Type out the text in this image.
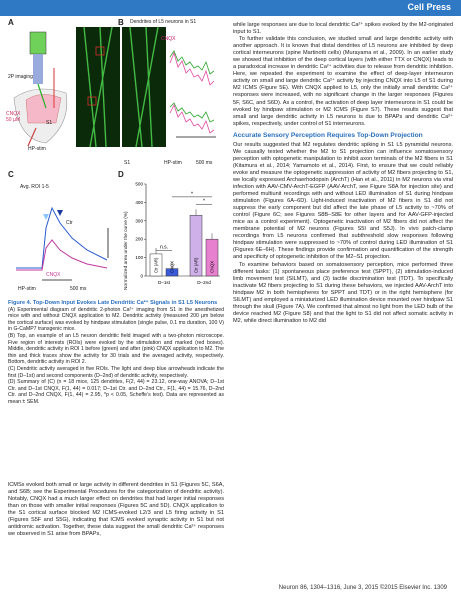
Cell Press
A
2P imaging
CNQX
50 µM	S1
HP-stim
B Dendrites of L5 neurons in S1
Ctr
CNQX
S1	HP-stim	500 ms
C
Avg. ROI 1-5
Ctr
CNQX
HP-stim	500 ms
D
Normalized area under the curve (%) 0
100
200
300
400
500
Ctr (AR)	CNQX	Ctr (AR)	CNQX
D–1st	D–2nd
n.s.
*
*

Figure 4. Top-Down Input Evokes Late Dendritic Ca²⁺ Signals in S1 L5 Neurons

(A) Experimental diagram of dendritic 2-photon Ca²⁺ imaging from S1 in the anesthetized mice with and without CNQX application to M2. Dendritic activity (measured 200 µm below the cortical surface) was evoked by hindpaw stimulation (single pulse, 0.1 ms duration, 100 V) in G-CaMP7 transgenic mice.

(B) Top, an example of an L5 neuron dendritic field imaged with a two-photon microscope. Five region of interests (ROIs) were evoked by the stimulation and marked (red boxes). Middle, dendritic activity in ROI 1 before (green) and after (pink) CNQX application to M2. The thin and thick traces show the activity for 30 trials and the averaged activity, respectively. Bottom, dendritic activity in ROI 2.

(C) Dendritic activity averaged in five ROIs. The light and deep blue arrowheads indicate the first (D–1st) and second components (D–2nd) of dendritic activity, respectively.

(D) Summary of (C) (n = 18 mice, 125 dendrites, F(2, 44) = 23.12, one-way ANOVA; D–1st Ctr. and D–1st CNQX, F(1, 44) = 0.017; D–1st Ctr. and D–2nd Ctr., F(1, 44) = 15.76, D–2nd Ctr. and D–2nd CNQX, F(1, 44) = 2.95, *p < 0.05, Scheffe’s test). Data are represented as mean ± SEM.

lCMSs evoked both small or large activity in different dendrites in S1 (Figures 5C, S6A, and S6B; see the Experimental Procedures for the categorization of dendritic activity). Notably, CNQX had a much larger effect on dendrites that had larger initial responses than on those with smaller initial responses (Figures 5C and 5D). CNQX application to the S1 cortical surface blocked M2 ICMS-evoked L2/3 and L5 firing activity in S1 (Figures S5F and S5G), indicating that ICMS evoked synaptic activity in S1 but not antidromic activation. Together, these data suggest the small dendritic Ca²⁺ responses we observed in S1 arise from BPAPs,

while large responses are due to local dendritic Ca²⁺ spikes evoked by the M2-originated input to S1.

To further validate this conclusion, we studied small and large dendritic activity with another approach. It is known that distal dendrites of L5 neurons are inhibited by deep cortical interneurons (spine Martinotti cells) (Murayama et al., 2009). In an earlier study we showed that inhibition of the deep cortical layers (with either TTX or CNQX) leads to a paradoxical increase in dendritic Ca²⁺ activities due to release from dendritic inhibition. Here, we repeated the experiment to examine the effect of deep-layer interneuron activity on small and large dendritic Ca²⁺ activity by injecting CNQX into L5 of S1 during M2 ICMS (Figure 5E). With CNQX applied to L5, only the initially small dendritic Ca²⁺ responses were increased, with no significant change in the larger responses (Figures 5F, S6C, and S6D). As a control, the activation of deep layer interneurons in S1 could be evoked by hindpaw stimulation or M2 ICMS (Figure S7). These results suggest that small and large dendritic activity in L5 neurons is due to BPAPs and dendritic Ca²⁺ spikes, respectively, under control of S1 interneurons.

Accurate Sensory Perception Requires Top-Down Projection

Our results suggested that M2 regulates dendritic spiking in S1 L5 pyramidal neurons. We causally tested whether the M2 to S1 projection can influence somatosensory perception with optogenetic manipulation to inhibit axon terminals of the M2 fibers in S1 (Kitamura et al., 2014; Yamamoto et al., 2014). First, to ensure that we could reliably evoke and measure the optogenetic suppression of activity of M2 fibers projecting to S1, we locally expressed Archaerhodopsin (ArchT) (Han et al., 2011) in M2 neurons via viral infection with AAV-CMV-ArchT-EGFP (AAV-ArchT, see Figure S8A for injection site) and performed multiunit recordings with and without LED illumination of S1 during hindpaw stimulation (Figures 6A–6D). Light-induced inactivation of M2 fibers in S1 did not suppress the early component but did affect the late phase of L5 activity to ~70% of control (Figure 6C; see Figures S8B–S8E for other layers and for AAV-GFP-injected mice as a control experiment). Optogenetic inactivation of M2 fibers did not affect the membrane potential of M2 neurons (Figures S5I and S5J). In vivo patch-clamp recordings from L5 neurons confirmed that subthreshold slow responses following hindpaw stimulation were suppressed to ~70% of control during LED illumination of S1 (Figures 6E–6H). These findings provide confirmation and quantification of the strength and specificity of optogenetic inhibition of the M2–S1 projection.

To examine behaviors based on somatosensory perception, mice performed three different tasks: (1) spontaneous place preference test (SPPT), (2) stimulation-induced limb movement test (SILMT), and (3) tactile discrimination test (TDT). To specifically inactivate M2 fibers projecting to S1 during these behaviors, we injected AAV-ArchT into hindpaw M2 in both hemispheres for SPPT and TDT) or in the right hemisphere (for SILMT) and employed a miniaturized LED illumination device mounted over hindpaw S1 through the skull (Figure 7A). We confirmed that almost no light from the LED bulb of the device reached M2 (Figure S8) and that the light to S1 did not affect somatic activity in M2, while direct illumination to M2 did

Neuron 86, 1304–1316, June 3, 2015 ©2015 Elsevier Inc. 1309
